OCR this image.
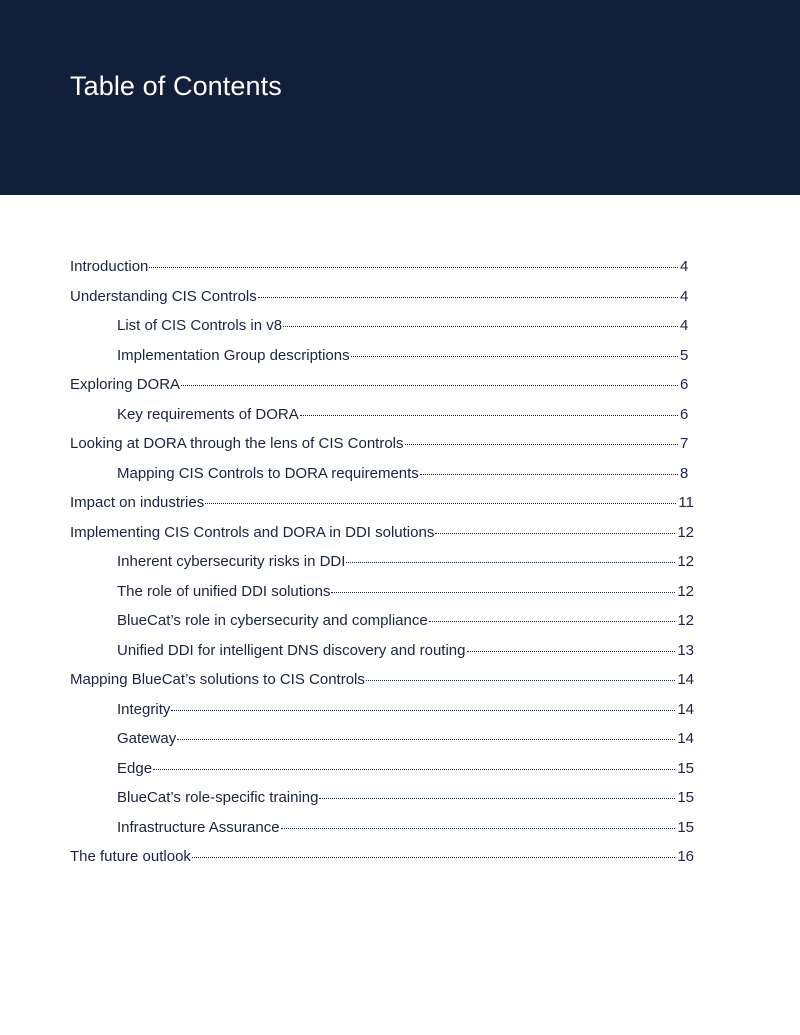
Table of Contents
Introduction	4
Understanding CIS Controls	4
List of CIS Controls in v8	4
Implementation Group descriptions	5
Exploring DORA	6
Key requirements of DORA	6
Looking at DORA through the lens of CIS Controls	7
Mapping CIS Controls to DORA requirements	8
Impact on industries	11
Implementing CIS Controls and DORA in DDI solutions	12
Inherent cybersecurity risks in DDI	12
The role of unified DDI solutions	12
BlueCat’s role in cybersecurity and compliance	12
Unified DDI for intelligent DNS discovery and routing	13
Mapping BlueCat’s solutions to CIS Controls	14
Integrity	14
Gateway	14
Edge	15
BlueCat’s role-specific training	15
Infrastructure Assurance	15
The future outlook	16
